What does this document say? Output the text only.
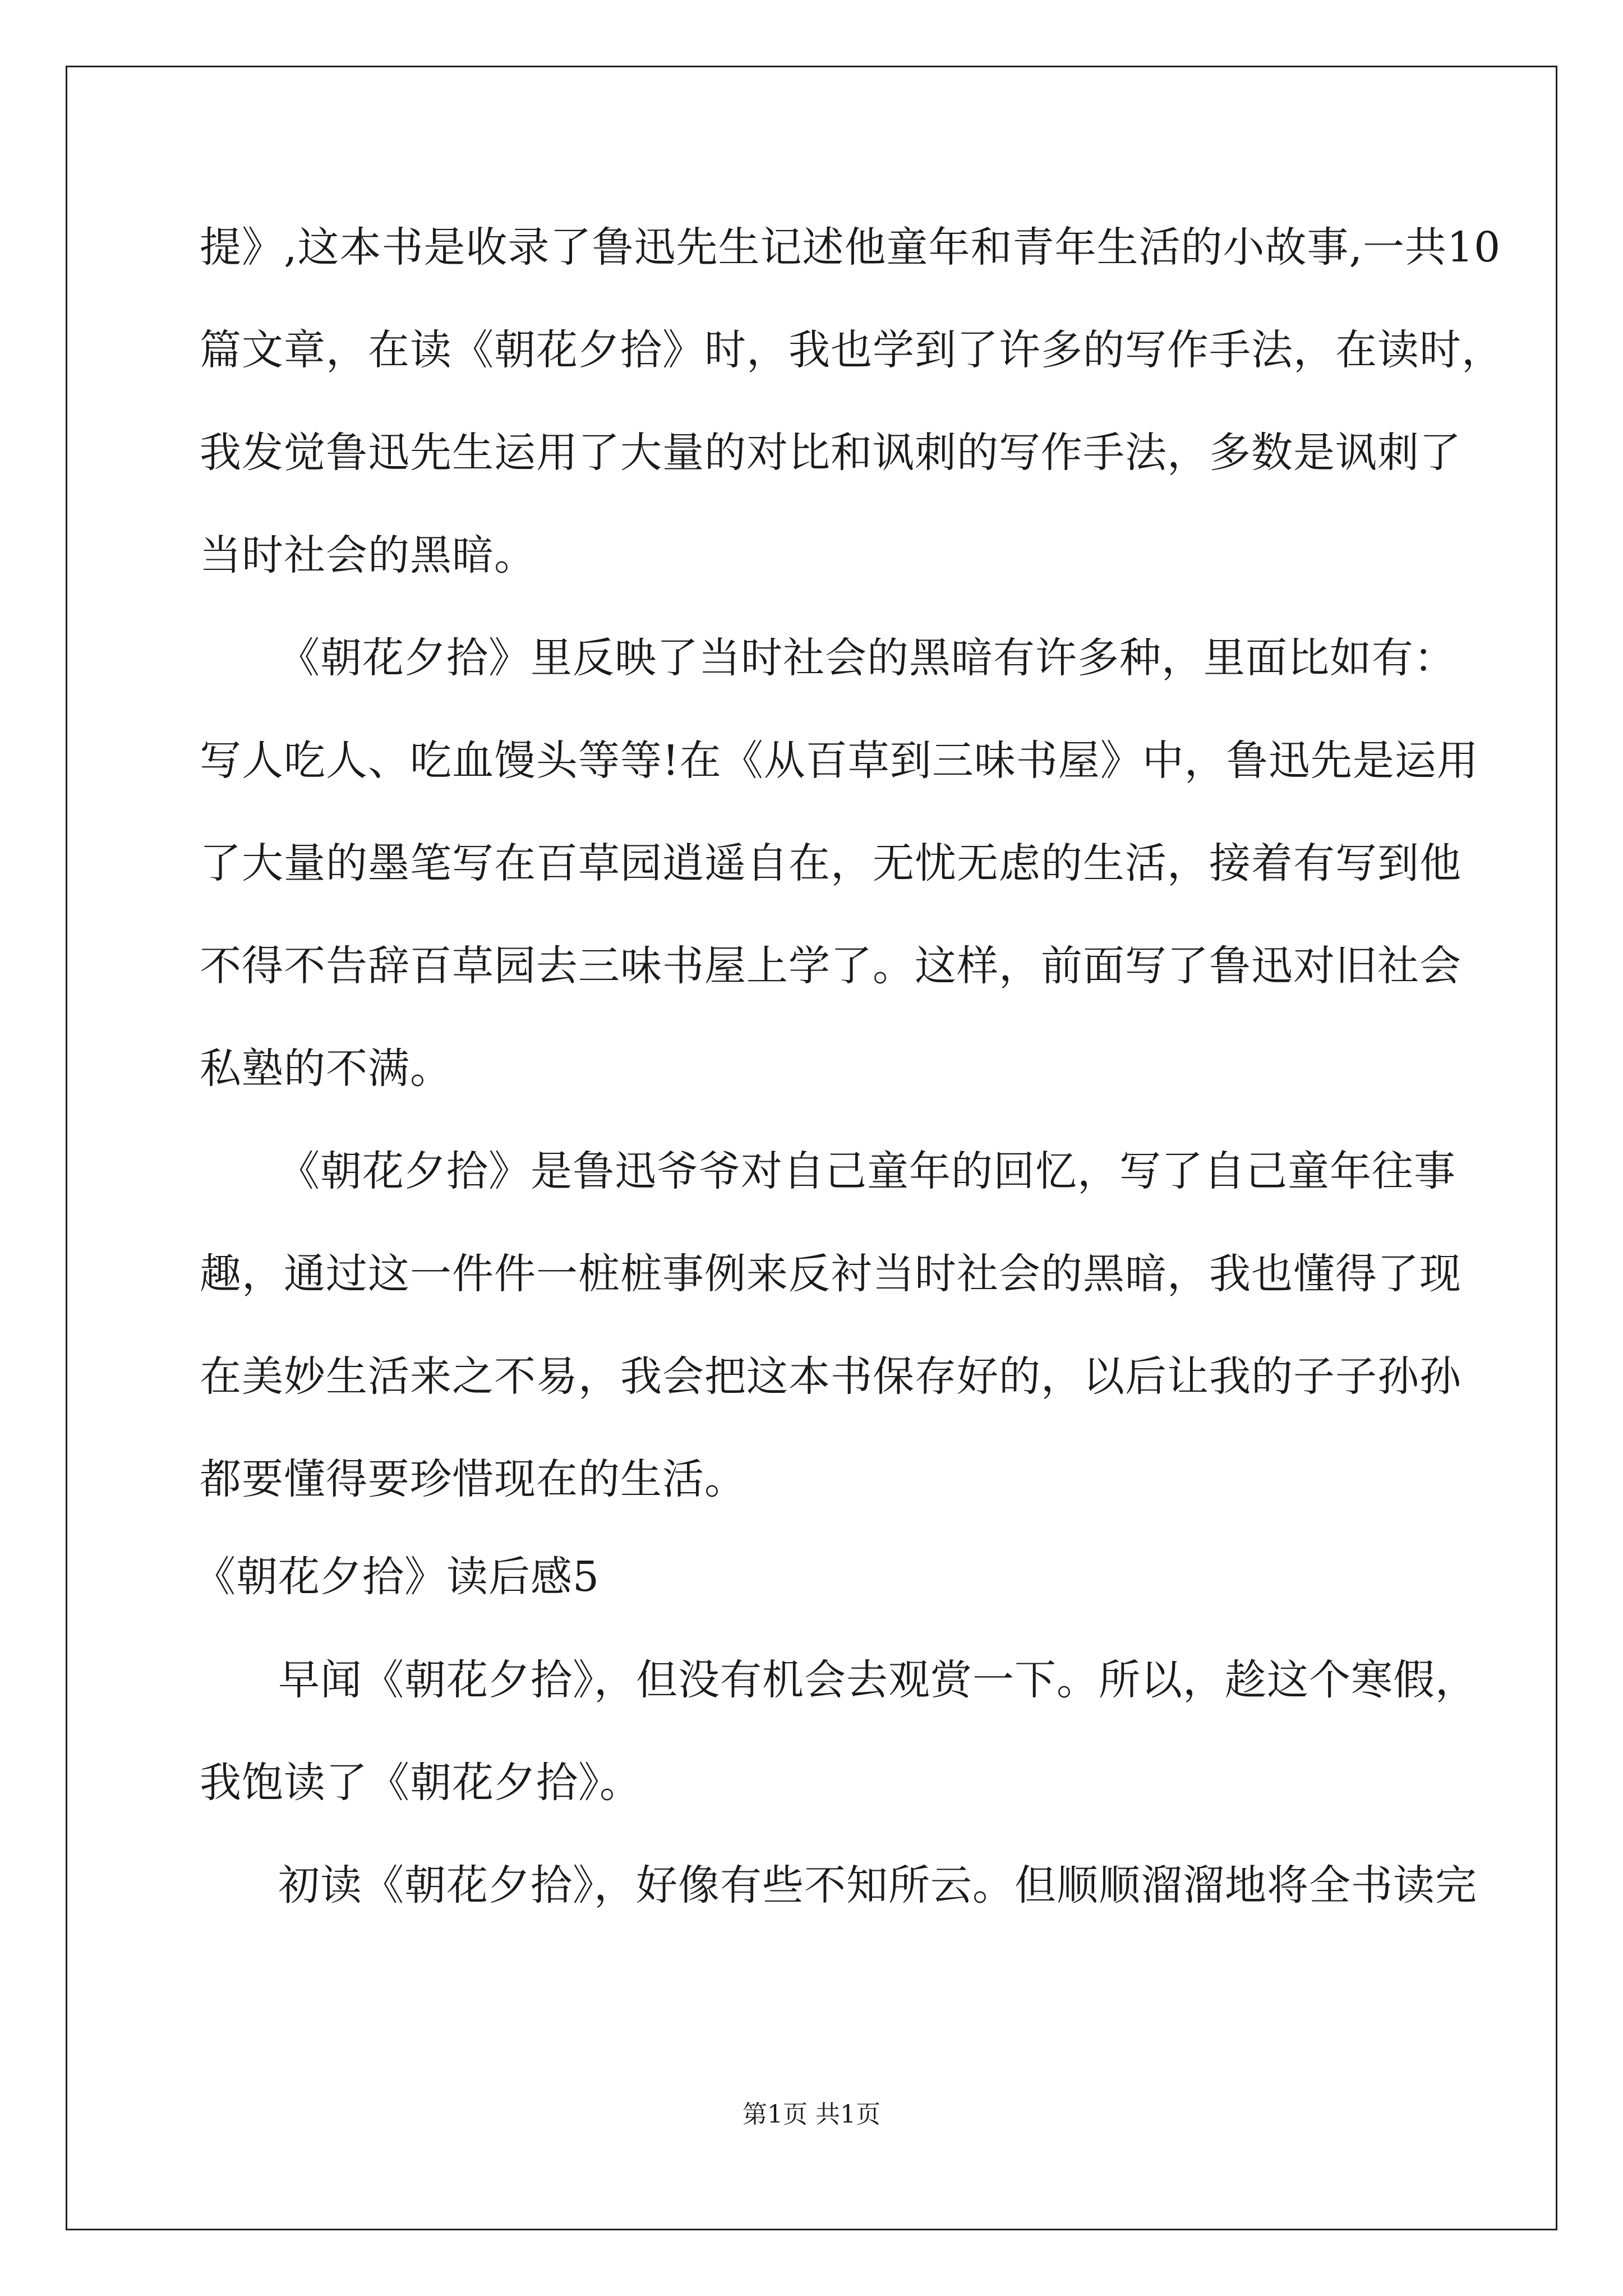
提》,这本书是收录了鲁迅先生记述他童年和青年生活的小故事,一共10
篇文章，在读《朝花夕拾》时，我也学到了许多的写作手法，在读时，
我发觉鲁迅先生运用了大量的对比和讽刺的写作手法，多数是讽刺了
当时社会的黑暗。
《朝花夕拾》里反映了当时社会的黑暗有许多种，里面比如有：
写人吃人、吃血馒头等等!在《从百草到三味书屋》中，鲁迅先是运用
了大量的墨笔写在百草园逍遥自在，无忧无虑的生活，接着有写到他
不得不告辞百草园去三味书屋上学了。这样，前面写了鲁迅对旧社会
私塾的不满。
《朝花夕拾》是鲁迅爷爷对自己童年的回忆，写了自己童年往事
趣，通过这一件件一桩桩事例来反衬当时社会的黑暗，我也懂得了现
在美妙生活来之不易，我会把这本书保存好的，以后让我的子子孙孙
都要懂得要珍惜现在的生活。
《朝花夕拾》读后感5
早闻《朝花夕拾》，但没有机会去观赏一下。所以，趁这个寒假，
我饱读了《朝花夕拾》。
初读《朝花夕拾》，好像有些不知所云。但顺顺溜溜地将全书读完
第1页 共1页
